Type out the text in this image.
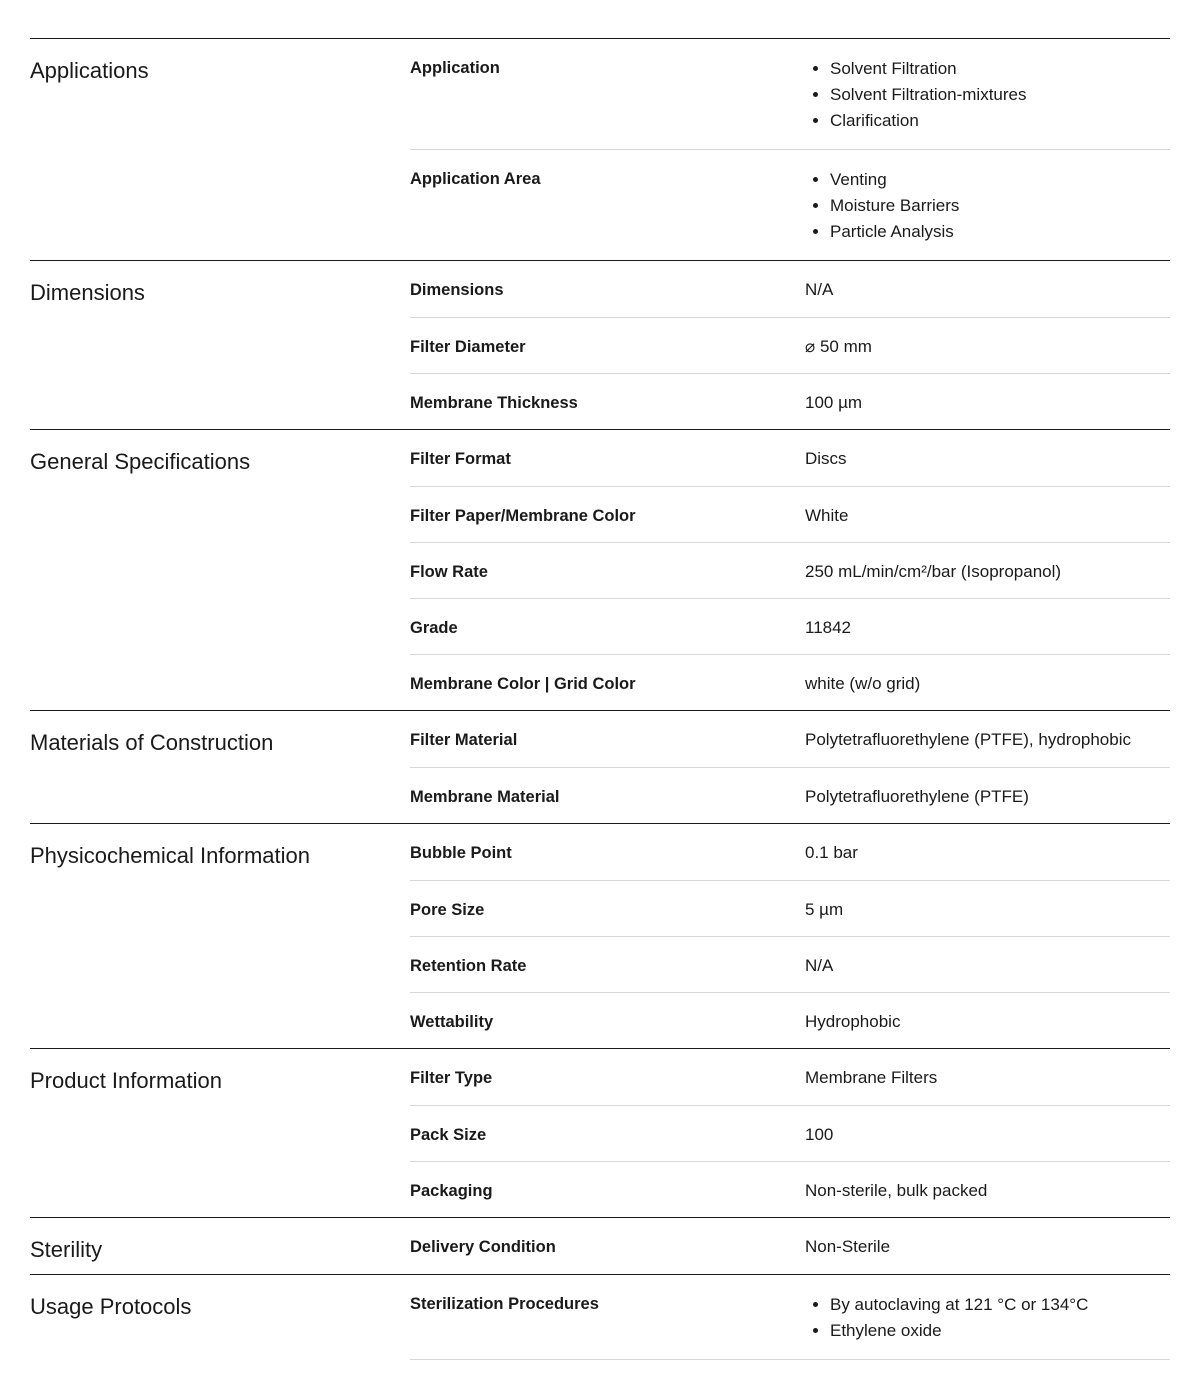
Applications	Application	• Solvent Filtration
• Solvent Filtration-mixtures
• Clarification
Application Area	• Venting
• Moisture Barriers
• Particle Analysis
Dimensions	Dimensions	N/A
Filter Diameter	⌀ 50 mm
Membrane Thickness	100 µm
General Specifications	Filter Format	Discs
Filter Paper/Membrane Color	White
Flow Rate	250 mL/min/cm²/bar (Isopropanol)
Grade	11842
Membrane Color | Grid Color	white (w/o grid)
Materials of Construction	Filter Material	Polytetrafluorethylene (PTFE), hydrophobic
Membrane Material	Polytetrafluorethylene (PTFE)
Physicochemical Information	Bubble Point	0.1 bar
Pore Size	5 µm
Retention Rate	N/A
Wettability	Hydrophobic
Product Information	Filter Type	Membrane Filters
Pack Size	100
Packaging	Non-sterile, bulk packed
Sterility	Delivery Condition	Non-Sterile
Usage Protocols	Sterilization Procedures	• By autoclaving at 121 °C or 134°C
• Ethylene oxide
